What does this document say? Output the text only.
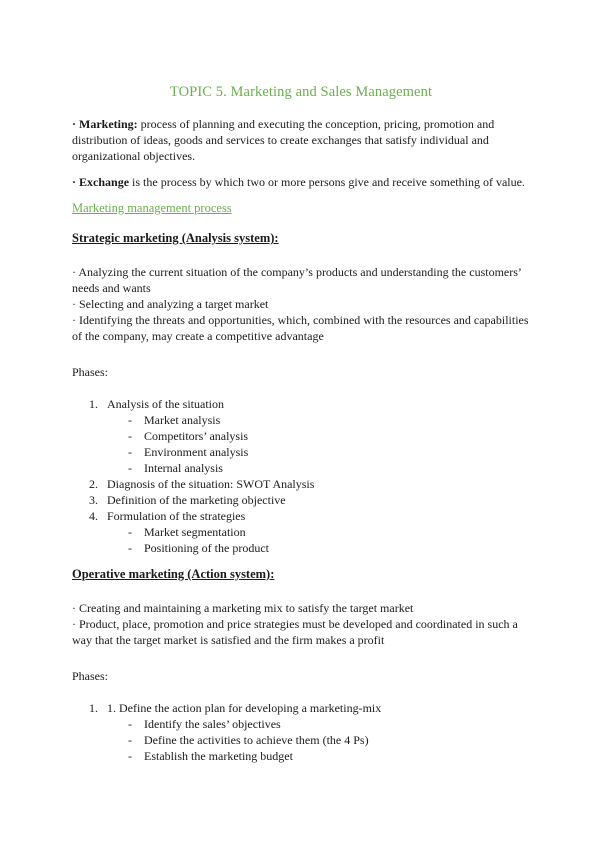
TOPIC 5. Marketing and Sales Management
· Marketing: process of planning and executing the conception, pricing, promotion and distribution of ideas, goods and services to create exchanges that satisfy individual and organizational objectives.
· Exchange is the process by which two or more persons give and receive something of value.
Marketing management process
Strategic marketing (Analysis system):
· Analyzing the current situation of the company’s products and understanding the customers’ needs and wants
· Selecting and analyzing a target market
· Identifying the threats and opportunities, which, combined with the resources and capabilities of the company, may create a competitive advantage
Phases:
1. Analysis of the situation
- Market analysis
- Competitors’ analysis
- Environment analysis
- Internal analysis
2. Diagnosis of the situation: SWOT Analysis
3. Definition of the marketing objective
4. Formulation of the strategies
- Market segmentation
- Positioning of the product
Operative marketing (Action system):
· Creating and maintaining a marketing mix to satisfy the target market
· Product, place, promotion and price strategies must be developed and coordinated in such a way that the target market is satisfied and the firm makes a profit
Phases:
1. 1. Define the action plan for developing a marketing-mix
- Identify the sales’ objectives
- Define the activities to achieve them (the 4 Ps)
- Establish the marketing budget
